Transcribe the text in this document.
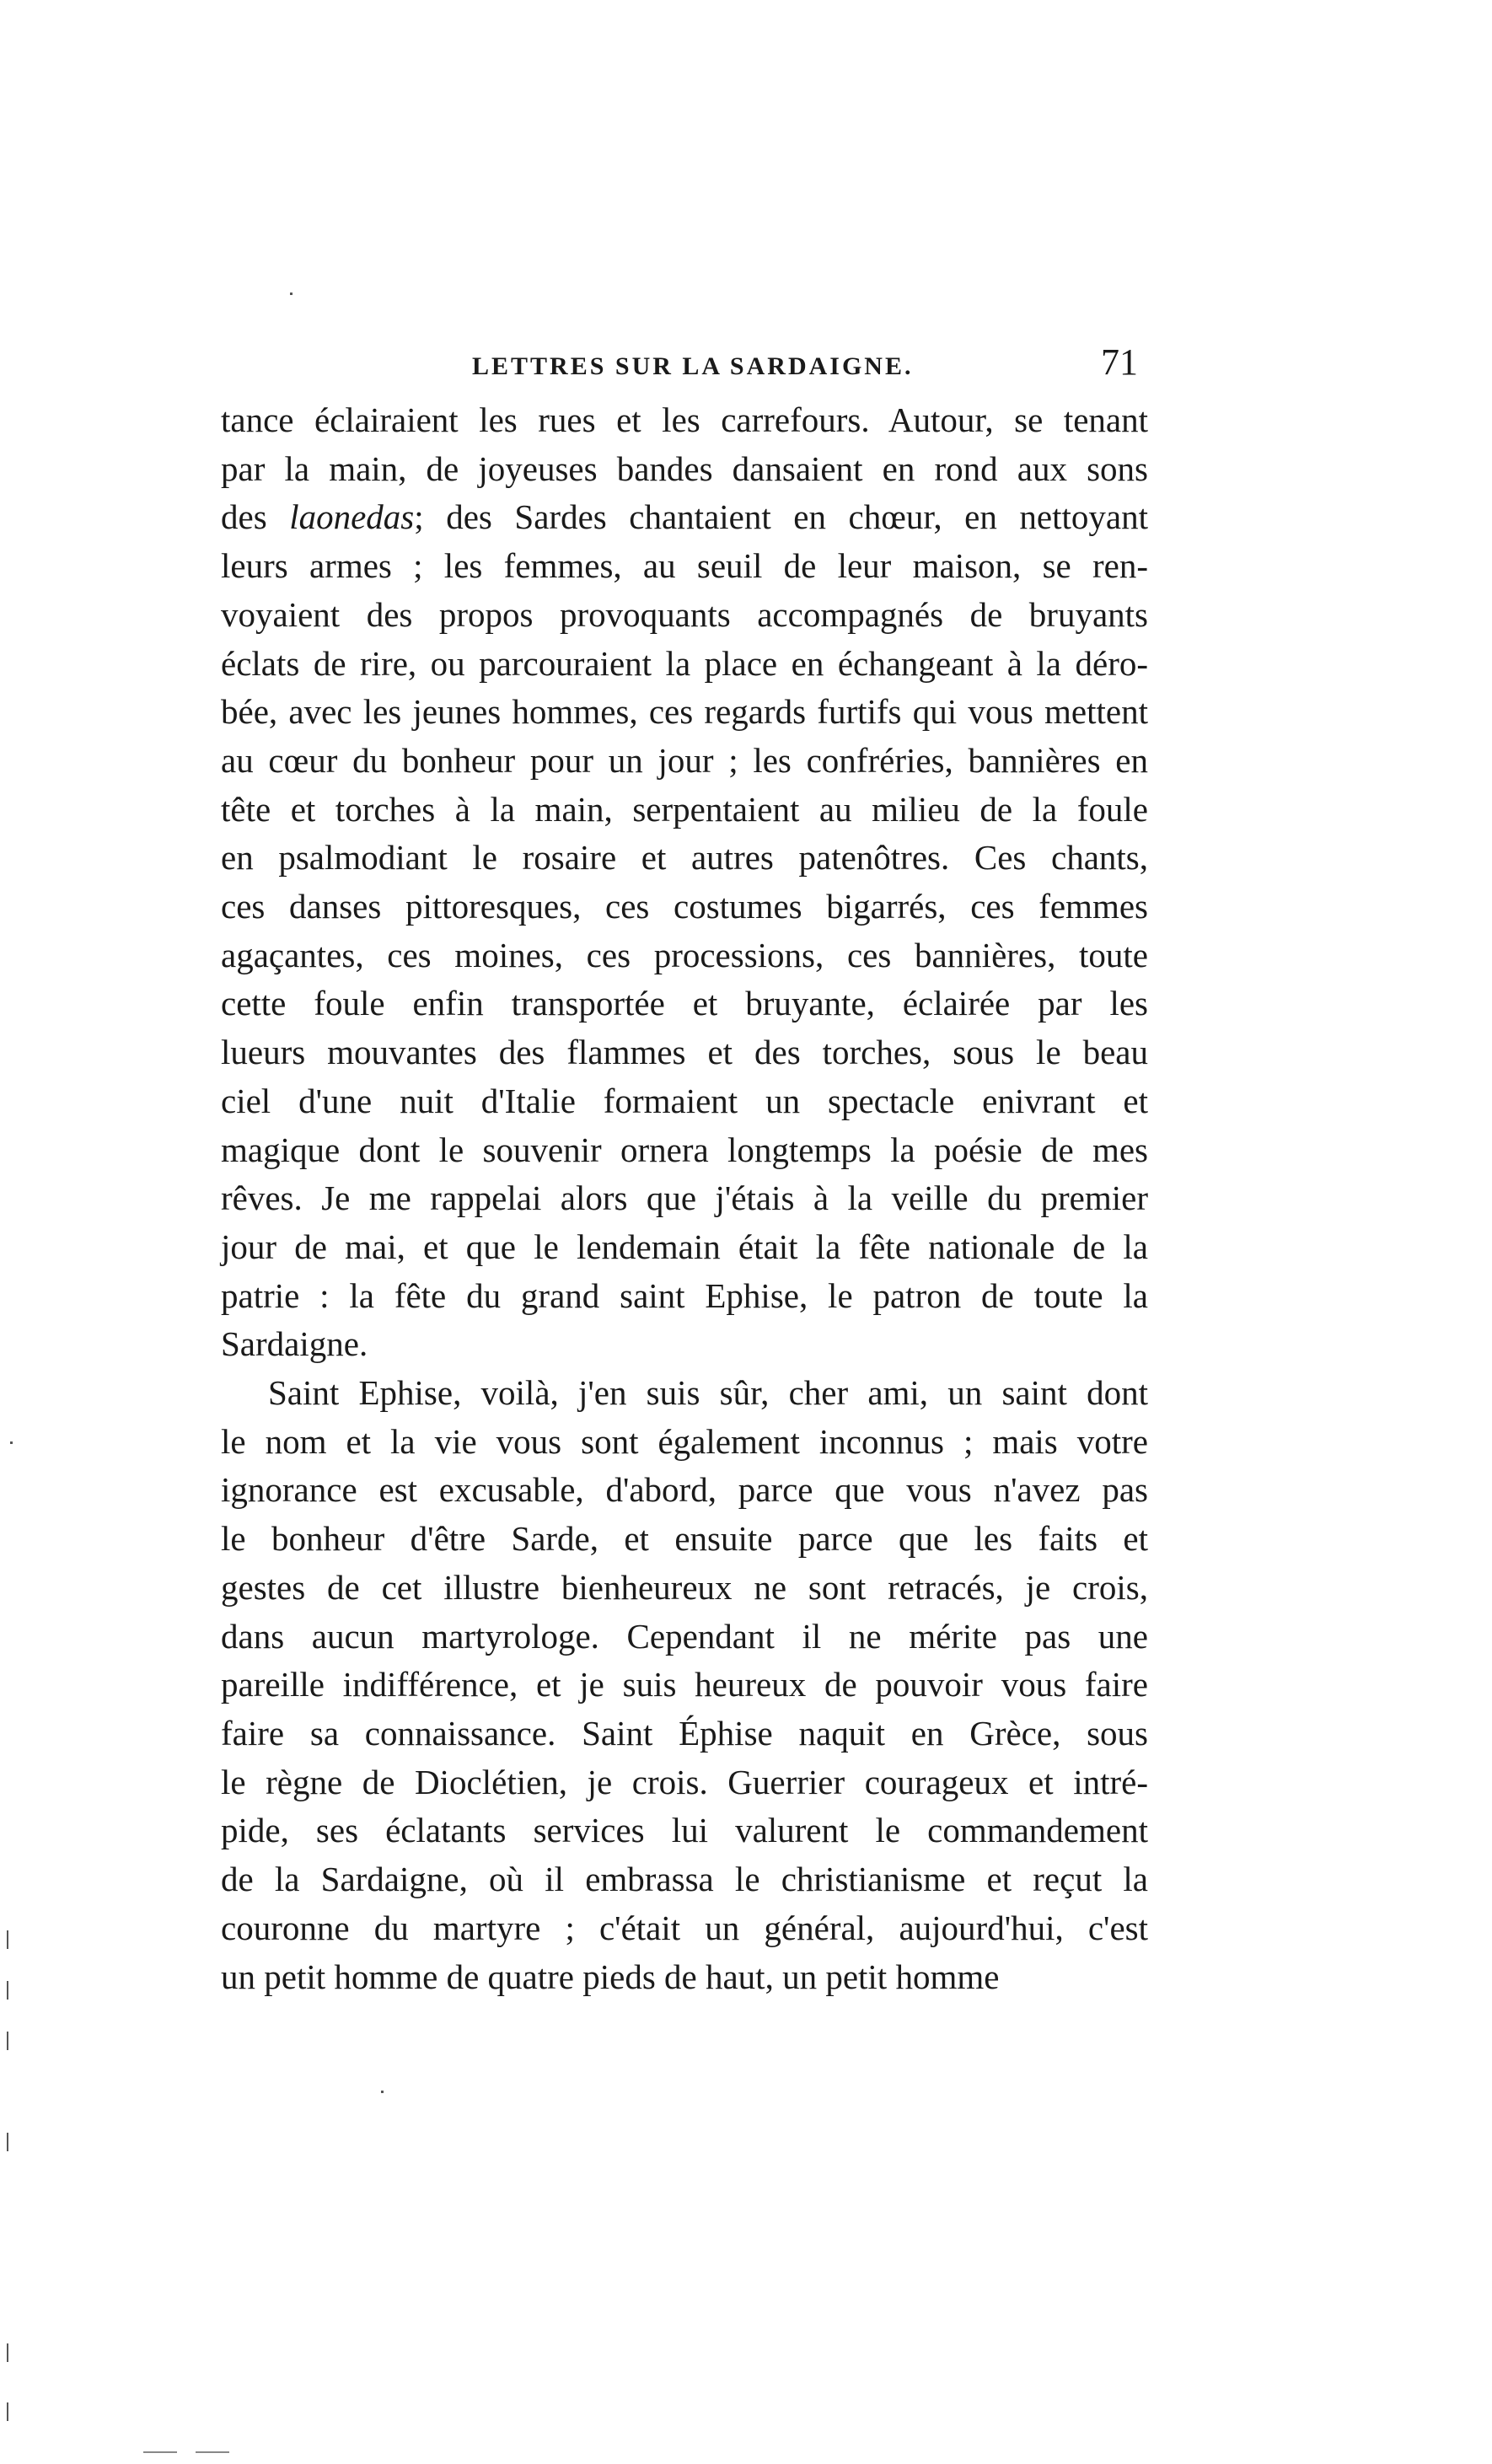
LETTRES SUR LA SARDAIGNE.	71
tance éclairaient les rues et les carrefours. Autour, se tenant
par la main, de joyeuses bandes dansaient en rond aux sons
des laonedas; des Sardes chantaient en chœur, en nettoyant
leurs armes ; les femmes, au seuil de leur maison, se ren-
voyaient des propos provoquants accompagnés de bruyants
éclats de rire, ou parcouraient la place en échangeant à la déro-
bée, avec les jeunes hommes, ces regards furtifs qui vous mettent
au cœur du bonheur pour un jour ; les confréries, bannières en
tête et torches à la main, serpentaient au milieu de la foule
en psalmodiant le rosaire et autres patenôtres. Ces chants,
ces danses pittoresques, ces costumes bigarrés, ces femmes
agaçantes, ces moines, ces processions, ces bannières, toute
cette foule enfin transportée et bruyante, éclairée par les
lueurs mouvantes des flammes et des torches, sous le beau
ciel d'une nuit d'Italie formaient un spectacle enivrant et
magique dont le souvenir ornera longtemps la poésie de mes
rêves. Je me rappelai alors que j'étais à la veille du premier
jour de mai, et que le lendemain était la fête nationale de la
patrie : la fête du grand saint Ephise, le patron de toute la
Sardaigne.
Saint Ephise, voilà, j'en suis sûr, cher ami, un saint dont
le nom et la vie vous sont également inconnus ; mais votre
ignorance est excusable, d'abord, parce que vous n'avez pas
le bonheur d'être Sarde, et ensuite parce que les faits et
gestes de cet illustre bienheureux ne sont retracés, je crois,
dans aucun martyrologe. Cependant il ne mérite pas une
pareille indifférence, et je suis heureux de pouvoir vous faire
faire sa connaissance. Saint Éphise naquit en Grèce, sous
le règne de Dioclétien, je crois. Guerrier courageux et intré-
pide, ses éclatants services lui valurent le commandement
de la Sardaigne, où il embrassa le christianisme et reçut la
couronne du martyre ; c'était un général, aujourd'hui, c'est
un petit homme de quatre pieds de haut, un petit homme
